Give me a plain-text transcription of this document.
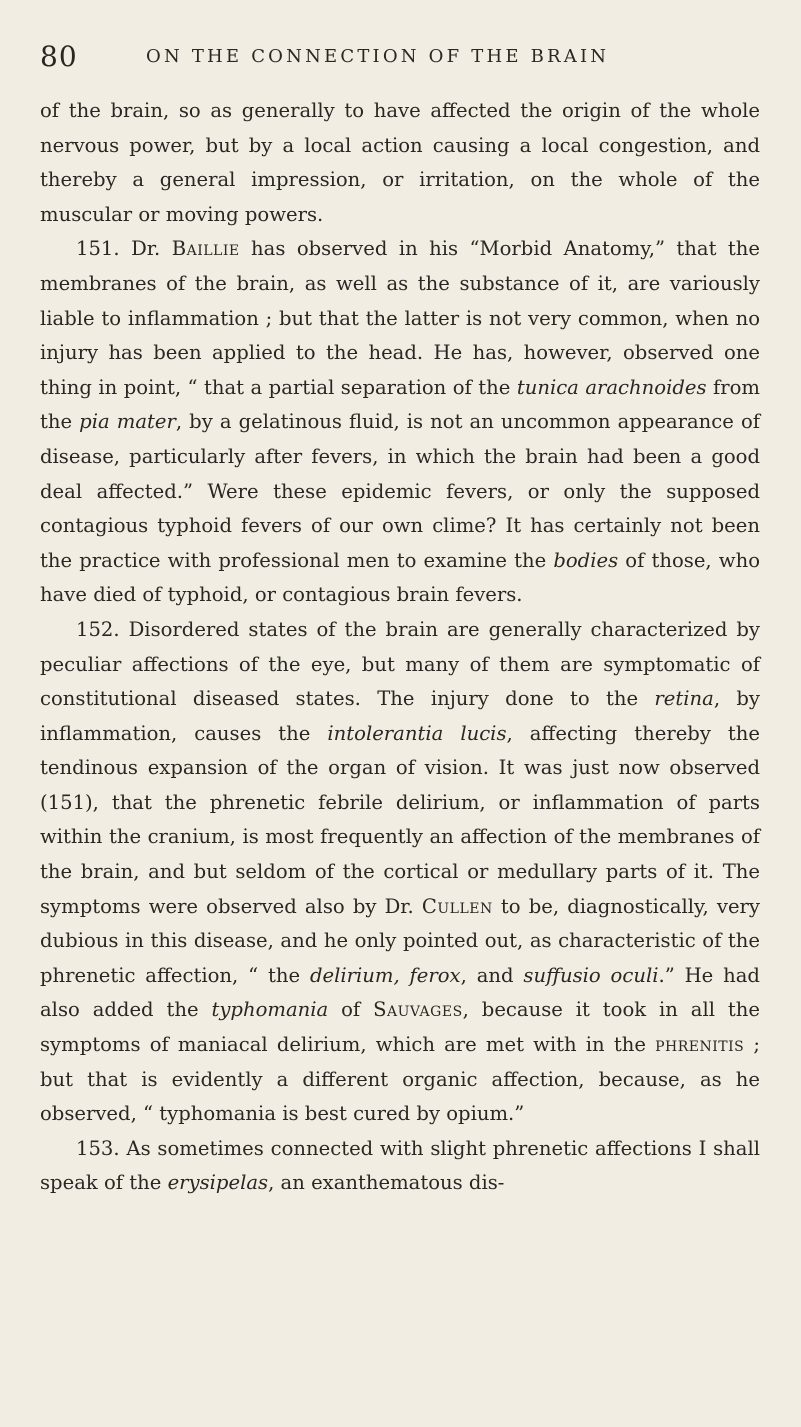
80	ON THE CONNECTION OF THE BRAIN

of the brain, so as generally to have affected the origin of the whole nervous power, but by a local action causing a local congestion, and thereby a general impression, or irritation, on the whole of the muscular or moving powers.

151. Dr. Baillie has observed in his “Morbid Anatomy,” that the membranes of the brain, as well as the substance of it, are variously liable to inflammation ; but that the latter is not very common, when no injury has been applied to the head. He has, however, observed one thing in point, “ that a partial separation of the tunica arachnoides from the pia mater, by a gelatinous fluid, is not an uncommon appearance of disease, particularly after fevers, in which the brain had been a good deal affected.” Were these epidemic fevers, or only the supposed contagious typhoid fevers of our own clime? It has certainly not been the practice with professional men to examine the bodies of those, who have died of typhoid, or contagious brain fevers.

152. Disordered states of the brain are generally characterized by peculiar affections of the eye, but many of them are symptomatic of constitutional diseased states. The injury done to the retina, by inflammation, causes the intolerantia lucis, affecting thereby the tendinous expansion of the organ of vision. It was just now observed (151), that the phrenetic febrile delirium, or inflammation of parts within the cranium, is most frequently an affection of the membranes of the brain, and but seldom of the cortical or medullary parts of it. The symptoms were observed also by Dr. Cullen to be, diagnostically, very dubious in this disease, and he only pointed out, as characteristic of the phrenetic affection, “ the delirium, ferox, and suffusio oculi.” He had also added the typhomania of Sauvages, because it took in all the symptoms of maniacal delirium, which are met with in the phrenitis ; but that is evidently a different organic affection, because, as he observed, “ typhomania is best cured by opium.”

153. As sometimes connected with slight phrenetic affections I shall speak of the erysipelas, an exanthematous dis-
